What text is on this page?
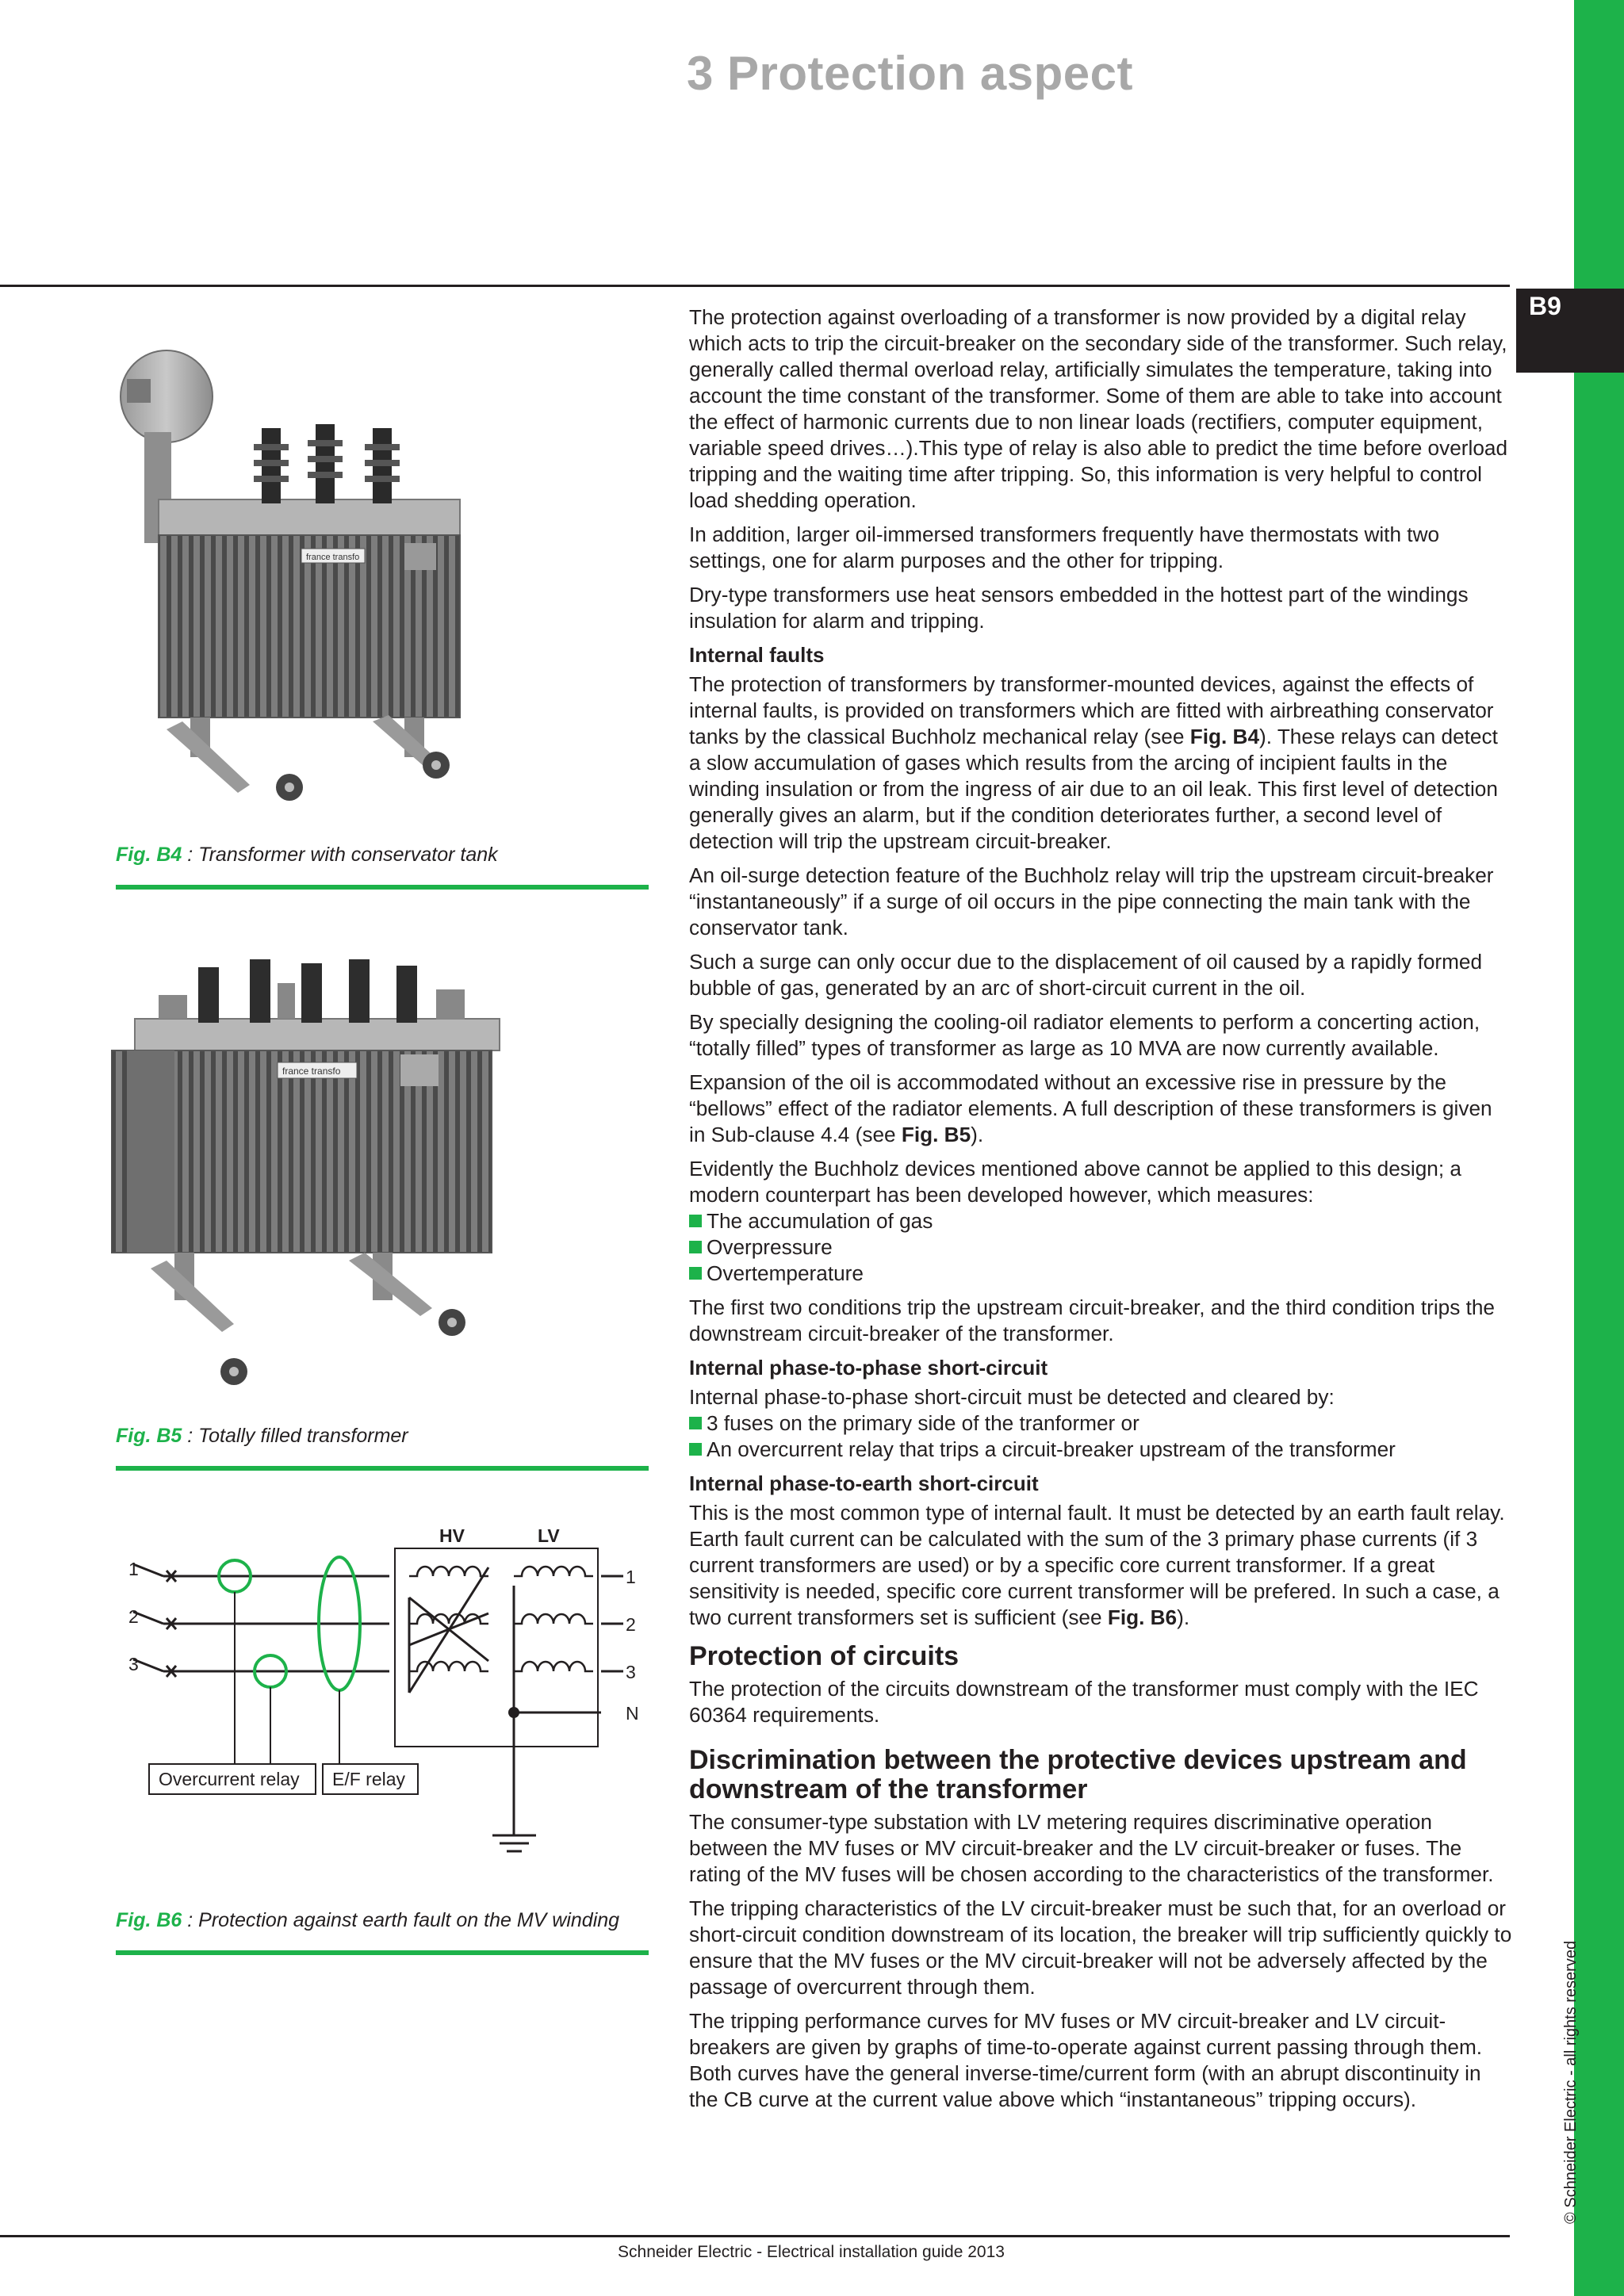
B9
3 Protection aspect
france transfo
Fig. B4 : Transformer with conservator tank
france transfo
Fig. B5 : Totally filled transformer
HV	LV
1
2
3
1
2
3
N
Overcurrent relay E/F relay
Fig. B6 : Protection against earth fault on the MV winding

The protection against overloading of a transformer is now provided by a digital relay which acts to trip the circuit-breaker on the secondary side of the transformer. Such relay, generally called thermal overload relay, artificially simulates the temperature, taking into account the time constant of the transformer. Some of them are able to take into account the effect of harmonic currents due to non linear loads (rectifiers, computer equipment, variable speed drives…).This type of relay is also able to predict the time before overload tripping and the waiting time after tripping. So, this information is very helpful to control load shedding operation.

In addition, larger oil-immersed transformers frequently have thermostats with two settings, one for alarm purposes and the other for tripping.

Dry-type transformers use heat sensors embedded in the hottest part of the windings insulation for alarm and tripping.

Internal faults

The protection of transformers by transformer-mounted devices, against the effects of internal faults, is provided on transformers which are fitted with airbreathing conservator tanks by the classical Buchholz mechanical relay (see Fig. B4). These relays can detect a slow accumulation of gases which results from the arcing of incipient faults in the winding insulation or from the ingress of air due to an oil leak. This first level of detection generally gives an alarm, but if the condition deteriorates further, a second level of detection will trip the upstream circuit-breaker.

An oil-surge detection feature of the Buchholz relay will trip the upstream circuit-breaker “instantaneously” if a surge of oil occurs in the pipe connecting the main tank with the conservator tank.

Such a surge can only occur due to the displacement of oil caused by a rapidly formed bubble of gas, generated by an arc of short-circuit current in the oil.

By specially designing the cooling-oil radiator elements to perform a concerting action, “totally filled” types of transformer as large as 10 MVA are now currently available.

Expansion of the oil is accommodated without an excessive rise in pressure by the “bellows” effect of the radiator elements. A full description of these transformers is given in Sub-clause 4.4 (see Fig. B5).

Evidently the Buchholz devices mentioned above cannot be applied to this design; a modern counterpart has been developed however, which measures:

The accumulation of gas
Overpressure
Overtemperature

The first two conditions trip the upstream circuit-breaker, and the third condition trips the downstream circuit-breaker of the transformer.

Internal phase-to-phase short-circuit

Internal phase-to-phase short-circuit must be detected and cleared by:

3 fuses on the primary side of the tranformer or
An overcurrent relay that trips a circuit-breaker upstream of the transformer
Internal phase-to-earth short-circuit

This is the most common type of internal fault. It must be detected by an earth fault relay. Earth fault current can be calculated with the sum of the 3 primary phase currents (if 3 current transformers are used) or by a specific core current transformer. If a great sensitivity is needed, specific core current transformer will be prefered. In such a case, a two current transformers set is sufficient (see Fig. B6).

Protection of circuits

The protection of the circuits downstream of the transformer must comply with the IEC 60364 requirements.

Discrimination between the protective devices upstream and downstream of the transformer

The consumer-type substation with LV metering requires discriminative operation between the MV fuses or MV circuit-breaker and the LV circuit-breaker or fuses. The rating of the MV fuses will be chosen according to the characteristics of the transformer.

The tripping characteristics of the LV circuit-breaker must be such that, for an overload or short-circuit condition downstream of its location, the breaker will trip sufficiently quickly to ensure that the MV fuses or the MV circuit-breaker will not be adversely affected by the passage of overcurrent through them.

The tripping performance curves for MV fuses or MV circuit-breaker and LV circuit-breakers are given by graphs of time-to-operate against current passing through them. Both curves have the general inverse-time/current form (with an abrupt discontinuity in the CB curve at the current value above which “instantaneous” tripping occurs).

Schneider Electric - Electrical installation guide 2013
© Schneider Electric - all rights reserved
